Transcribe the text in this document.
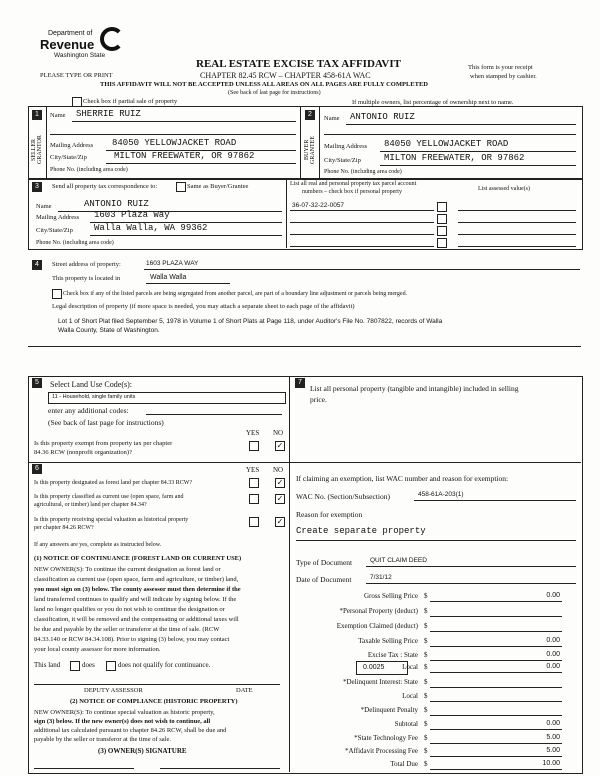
Department of
Revenue
Washington State
REAL ESTATE EXCISE TAX AFFIDAVIT
CHAPTER 82.45 RCW – CHAPTER 458-61A WAC
THIS AFFIDAVIT WILL NOT BE ACCEPTED UNLESS ALL AREAS ON ALL PAGES ARE FULLY COMPLETED
(See back of last page for instructions)
PLEASE TYPE OR PRINT
This form is your receipt
when stamped by cashier.
Check box if partial sale of property	If multiple owners, list percentage of ownership next to name.
1
SELLER GRANTOR
2
BUYER GRANTEE
Name SHERRIE RUIZ
Mailing Address 84050 YELLOWJACKET ROAD
City/State/Zip	MILTON FREEWATER, OR 97862
Phone No. (including area code)
Name ANTONIO RUIZ
Mailing Address 84050 YELLOWJACKET ROAD
City/State/Zip	MILTON FREEWATER, OR 97862
Phone No. (including area code)
3	Send all property tax correspondence to:	Same as Buyer/Grantee
Name	ANTONIO RUIZ
Mailing Address 1603 Plaza Way
City/State/Zip Walla Walla, WA 99362
Phone No. (including area code)
List all real and personal property tax parcel account
numbers – check box if personal property	List assessed value(s)
36-07-32-22-0057
4	Street address of property:	1603 PLAZA WAY
This property is located in	Walla Walla
Check box if any of the listed parcels are being segregated from another parcel, are part of a boundary line adjustment or parcels being merged.
Legal description of property (if more space is needed, you may attach a separate sheet to each page of the affidavit)
Lot 1 of Short Plat filed September 5, 1978 in Volume 1 of Short Plats at Page 118, under Auditor's File No. 7807822, records of Walla
Walla County, State of Washington.
5	Select Land Use Code(s):
11 - Household, single family units
enter any additional codes:
(See back of last page for instructions)
YES NO
Is this property exempt from property tax per chapter
84.36 RCW (nonprofit organization)?
✓
7
List all personal property (tangible and intangible) included in selling
price.
6	YES NO
Is this property designated as forest land per chapter 84.33 RCW?	✓
Is this property classified as current use (open space, farm and
agricultural, or timber) land per chapter 84.34?
✓
Is this property receiving special valuation as historical property
per chapter 84.26 RCW?
✓
If any answers are yes, complete as instructed below.
(1) NOTICE OF CONTINUANCE (FOREST LAND OR CURRENT USE)
NEW OWNER(S): To continue the current designation as forest land or
classification as current use (open space, farm and agriculture, or timber) land,
you must sign on (3) below. The county assessor must then determine if the
land transferred continues to qualify and will indicate by signing below. If the
land no longer qualifies or you do not wish to continue the designation or
classification, it will be removed and the compensating or additional taxes will
be due and payable by the seller or transferor at the time of sale. (RCW
84.33.140 or RCW 84.34.108). Prior to signing (3) below, you may contact
your local county assessor for more information.
This land	does	does not qualify for continuance.
DEPUTY ASSESSOR	DATE
(2) NOTICE OF COMPLIANCE (HISTORIC PROPERTY)
NEW OWNER(S): To continue special valuation as historic property,
sign (3) below. If the new owner(s) does not wish to continue, all
additional tax calculated pursuant to chapter 84.26 RCW, shall be due and
payable by the seller or transferor at the time of sale.
(3) OWNER(S) SIGNATURE
If claiming an exemption, list WAC number and reason for exemption:
WAC No. (Section/Subsection)	458-61A-203(1)
Reason for exemption
Create separate property
Type of Document	QUIT CLAIM DEED
Date of Document	7/31/12
Gross Selling Price $	0.00
*Personal Property (deduct) $
Exemption Claimed (deduct) $
Taxable Selling Price $	0.00
Excise Tax : State $	0.00
0.0025	Local $	0.00
*Delinquent Interest: State $
Local $
*Delinquent Penalty $
Subtotal $	0.00
*State Technology Fee $	5.00
*Affidavit Processing Fee $	5.00
Total Due $	10.00
